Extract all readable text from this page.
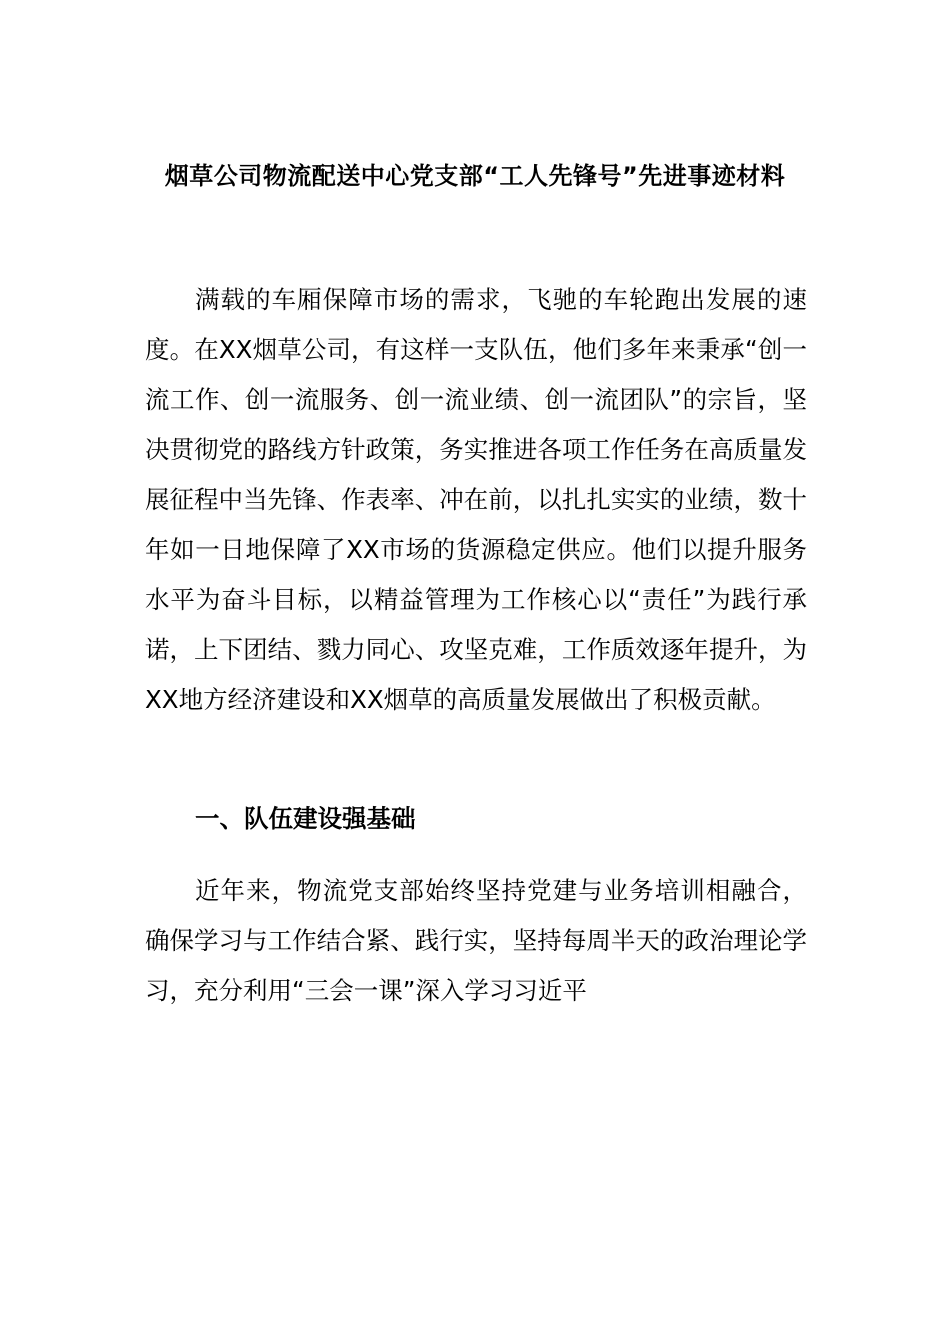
烟草公司物流配送中心党支部“工人先锋号”先进事迹材料

满载的车厢保障市场的需求，飞驰的车轮跑出发展的速度。在XX烟草公司，有这样一支队伍，他们多年来秉承“创一流工作、创一流服务、创一流业绩、创一流团队”的宗旨，坚决贯彻党的路线方针政策，务实推进各项工作任务在高质量发展征程中当先锋、作表率、冲在前，以扎扎实实的业绩，数十年如一日地保障了XX市场的货源稳定供应。他们以提升服务水平为奋斗目标，以精益管理为工作核心以“责任”为践行承诺，上下团结、戮力同心、攻坚克难，工作质效逐年提升，为XX地方经济建设和XX烟草的高质量发展做出了积极贡献。

一、队伍建设强基础

近年来，物流党支部始终坚持党建与业务培训相融合，确保学习与工作结合紧、践行实，坚持每周半天的政治理论学习，充分利用“三会一课”深入学习习近平
